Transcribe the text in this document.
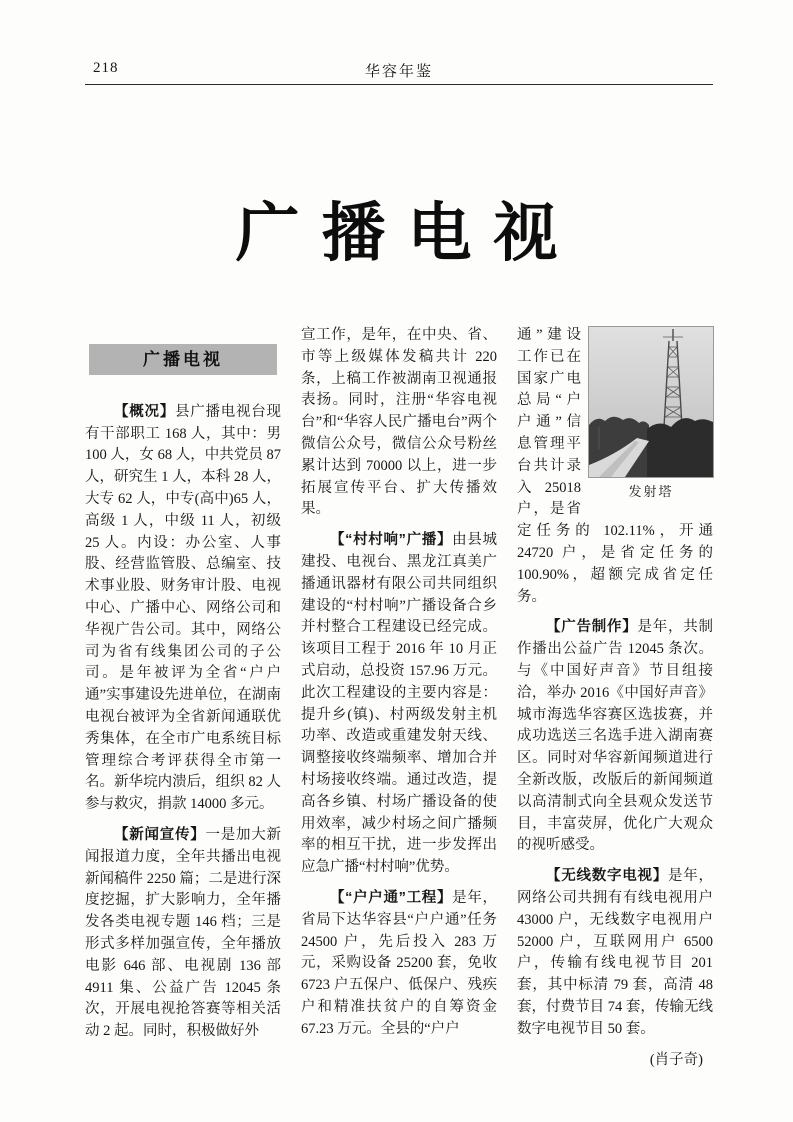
218	华容年鉴
广播电视
广播电视

【概况】县广播电视台现有干部职工 168 人，其中：男 100 人，女 68 人，中共党员 87 人，研究生 1 人，本科 28 人，大专 62 人，中专(高中)65 人，高级 1 人，中级 11 人，初级 25 人。内设：办公室、人事股、经营监管股、总编室、技术事业股、财务审计股、电视中心、广播中心、网络公司和华视广告公司。其中，网络公司为省有线集团公司的子公司。是年被评为全省“户户通”实事建设先进单位，在湖南电视台被评为全省新闻通联优秀集体，在全市广电系统目标管理综合考评获得全市第一名。新华垸内溃后，组织 82 人参与救灾，捐款 14000 多元。

【新闻宣传】一是加大新闻报道力度，全年共播出电视新闻稿件 2250 篇；二是进行深度挖掘，扩大影响力，全年播发各类电视专题 146 档；三是形式多样加强宣传，全年播放电影 646 部、电视剧 136 部 4911 集、公益广告 12045 条次，开展电视抢答赛等相关活动 2 起。同时，积极做好外

宣工作，是年，在中央、省、市等上级媒体发稿共计 220 条，上稿工作被湖南卫视通报表扬。同时，注册“华容电视台”和“华容人民广播电台”两个微信公众号，微信公众号粉丝累计达到 70000 以上，进一步拓展宣传平台、扩大传播效果。

【“村村响”广播】由县城建投、电视台、黑龙江真美广播通讯器材有限公司共同组织建设的“村村响”广播设备合乡并村整合工程建设已经完成。该项目工程于 2016 年 10 月正式启动，总投资 157.96 万元。此次工程建设的主要内容是：提升乡(镇)、村两级发射主机功率、改造或重建发射天线、调整接收终端频率、增加合并村场接收终端。通过改造，提高各乡镇、村场广播设备的使用效率，减少村场之间广播频率的相互干扰，进一步发挥出应急广播“村村响”优势。

【“户户通”工程】是年，省局下达华容县“户户通”任务 24500 户，先后投入 283 万元，采购设备 25200 套，免收 6723 户五保户、低保户、残疾户和精准扶贫户的自筹资金 67.23 万元。全县的“户户

发射塔
通”建设工作已在国家广电总局“户户通”信息管理平台共计录入 25018 户，是省定任务的 102.11%，开通 24720 户，是省定任务的 100.90%，超额完成省定任务。

【广告制作】是年，共制作播出公益广告 12045 条次。与《中国好声音》节目组接洽，举办 2016《中国好声音》城市海选华容赛区选拔赛，并成功选送三名选手进入湖南赛区。同时对华容新闻频道进行全新改版，改版后的新闻频道以高清制式向全县观众发送节目，丰富荧屏，优化广大观众的视听感受。

【无线数字电视】是年，网络公司共拥有有线电视用户 43000 户，无线数字电视用户 52000 户，互联网用户 6500 户，传输有线电视节目 201 套，其中标清 79 套，高清 48 套，付费节目 74 套，传输无线数字电视节目 50 套。

(肖子奇)
